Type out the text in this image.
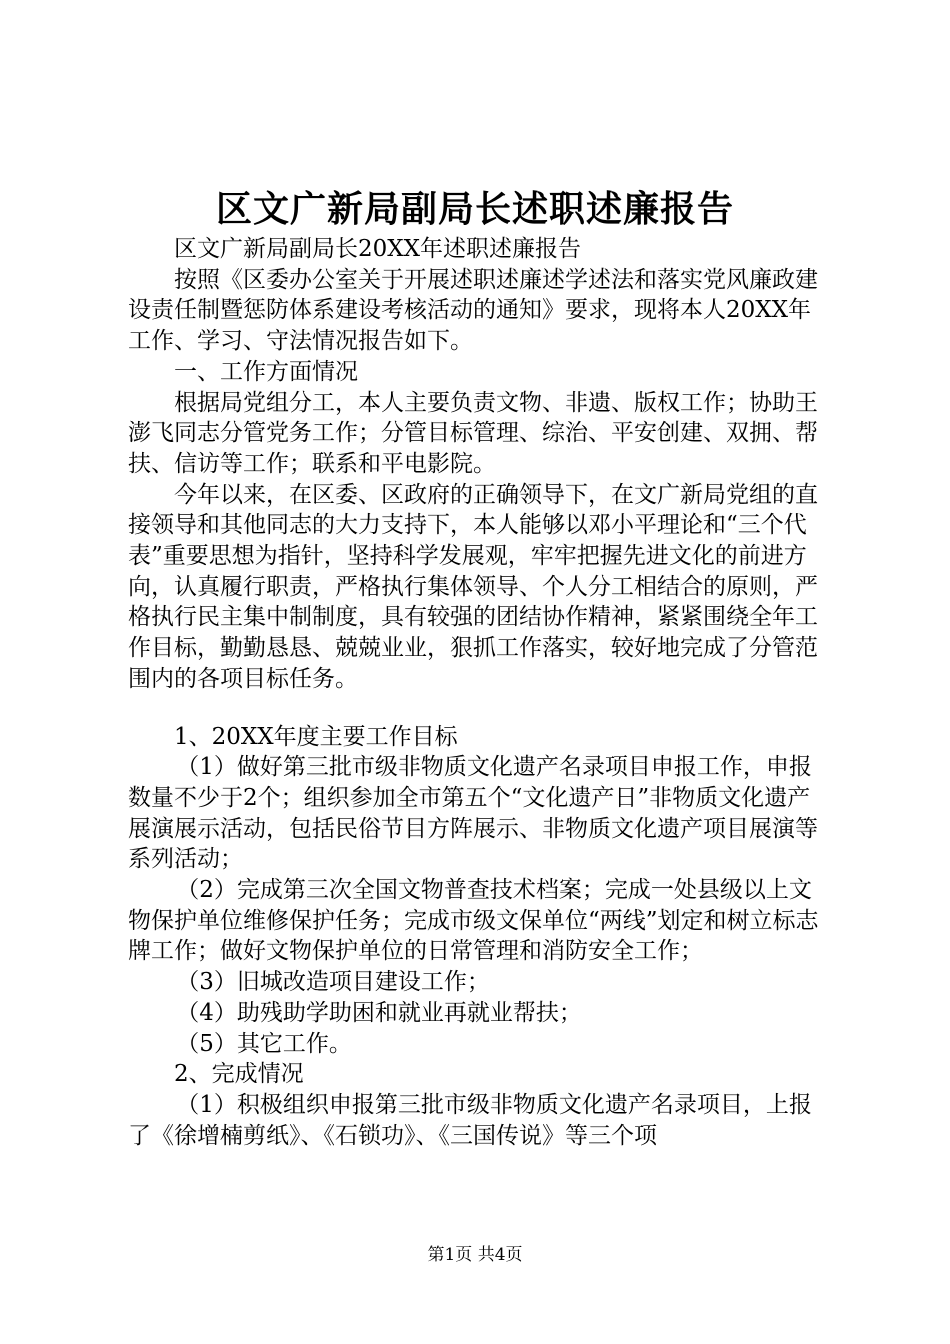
区文广新局副局长述职述廉报告

区文广新局副局长20XX年述职述廉报告

按照《区委办公室关于开展述职述廉述学述法和落实党风廉政建设责任制暨惩防体系建设考核活动的通知》要求，现将本人20XX年工作、学习、守法情况报告如下。

一、工作方面情况

根据局党组分工，本人主要负责文物、非遗、版权工作；协助王澎飞同志分管党务工作；分管目标管理、综治、平安创建、双拥、帮扶、信访等工作；联系和平电影院。

今年以来，在区委、区政府的正确领导下，在文广新局党组的直接领导和其他同志的大力支持下，本人能够以邓小平理论和“三个代表”重要思想为指针，坚持科学发展观，牢牢把握先进文化的前进方向，认真履行职责，严格执行集体领导、个人分工相结合的原则，严格执行民主集中制制度，具有较强的团结协作精神，紧紧围绕全年工作目标，勤勤恳恳、兢兢业业，狠抓工作落实，较好地完成了分管范围内的各项目标任务。

1、20XX年度主要工作目标

（1）做好第三批市级非物质文化遗产名录项目申报工作，申报数量不少于2个；组织参加全市第五个“文化遗产日”非物质文化遗产展演展示活动，包括民俗节目方阵展示、非物质文化遗产项目展演等系列活动；

（2）完成第三次全国文物普查技术档案；完成一处县级以上文物保护单位维修保护任务；完成市级文保单位“两线”划定和树立标志牌工作；做好文物保护单位的日常管理和消防安全工作；

（3）旧城改造项目建设工作；

（4）助残助学助困和就业再就业帮扶；

（5）其它工作。

2、完成情况

（1）积极组织申报第三批市级非物质文化遗产名录项目，上报了《徐增楠剪纸》、《石锁功》、《三国传说》等三个项

第1页 共4页
